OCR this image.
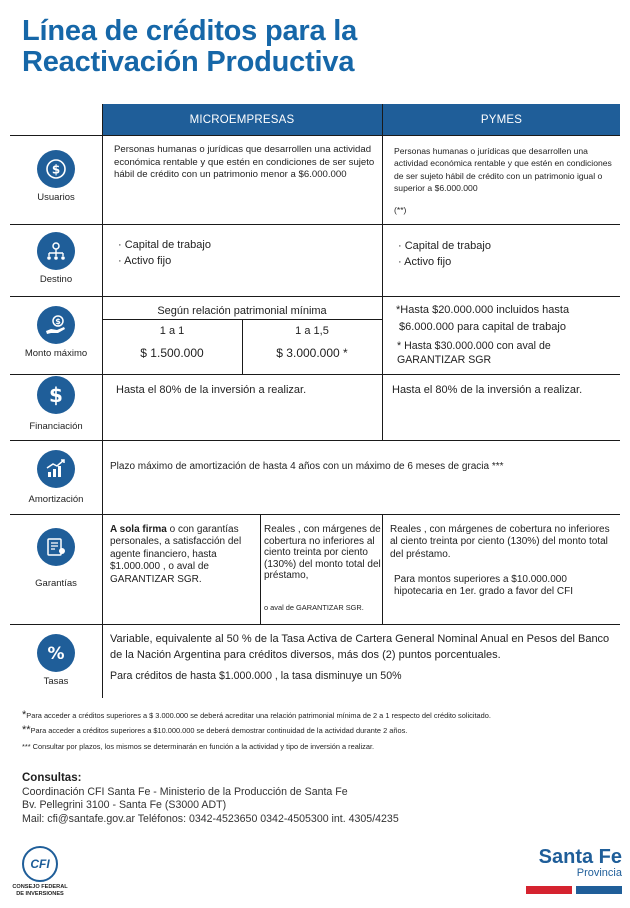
Línea de créditos para la
Reactivación Productiva
MICROEMPRESAS	PYMES
$
Usuarios
Personas humanas o jurídicas que desarrollen una actividad económica rentable y que estén en condiciones de ser sujeto hábil de crédito con un patrimonio menor a $6.000.000
Personas humanas o jurídicas que desarrollen una actividad económica rentable y que estén en condiciones de ser sujeto hábil de crédito con un patrimonio igual o superior a $6.000.000
(**)
Destino
· Capital de trabajo
· Activo fijo
· Capital de trabajo
· Activo fijo
$
Monto máximo
Según relación patrimonial mínima
1 a 1
$ 1.500.000
1 a 1,5
$ 3.000.000 *
*Hasta $20.000.000 incluidos hasta
$6.000.000 para capital de trabajo
* Hasta $30.000.000 con aval de
GARANTIZAR SGR
$
Financiación
Hasta el 80% de la inversión a realizar.	Hasta el 80% de la inversión a realizar.
Amortización
Plazo máximo de amortización de hasta 4 años con un máximo de 6 meses de gracia ***
Garantías
A sola firma o con garantías personales, a satisfacción del agente financiero, hasta $1.000.000 , o aval de GARANTIZAR SGR.
Reales , con márgenes de cobertura no inferiores al ciento treinta por ciento (130%) del monto total del préstamo,
o aval de GARANTIZAR SGR.
Reales , con márgenes de cobertura no inferiores al ciento treinta por ciento (130%) del monto total del préstamo.
Para montos superiores a $10.000.000 hipotecaria en 1er. grado a favor del CFI
%
Tasas
Variable, equivalente al 50 % de la Tasa Activa de Cartera General Nominal Anual en Pesos del Banco de la Nación Argentina para créditos diversos, más dos (2) puntos porcentuales.
Para créditos de hasta $1.000.000 , la tasa disminuye un 50%
*Para acceder a créditos superiores a $ 3.000.000 se deberá acreditar una relación patrimonial mínima de 2 a 1 respecto del crédito solicitado.
**Para acceder a créditos superiores a $10.000.000 se deberá demostrar continuidad de la actividad durante 2 años.
*** Consultar por plazos, los mismos se determinarán en función a la actividad y tipo de inversión a realizar.
Consultas:
Coordinación CFI Santa Fe - Ministerio de la Producción de Santa Fe
Bv. Pellegrini 3100 - Santa Fe (S3000 ADT)
Mail: cfi@santafe.gov.ar Teléfonos: 0342-4523650 0342-4505300 int. 4305/4235
CFI
CONSEJO FEDERAL
DE INVERSIONES
Santa Fe
Provincia
